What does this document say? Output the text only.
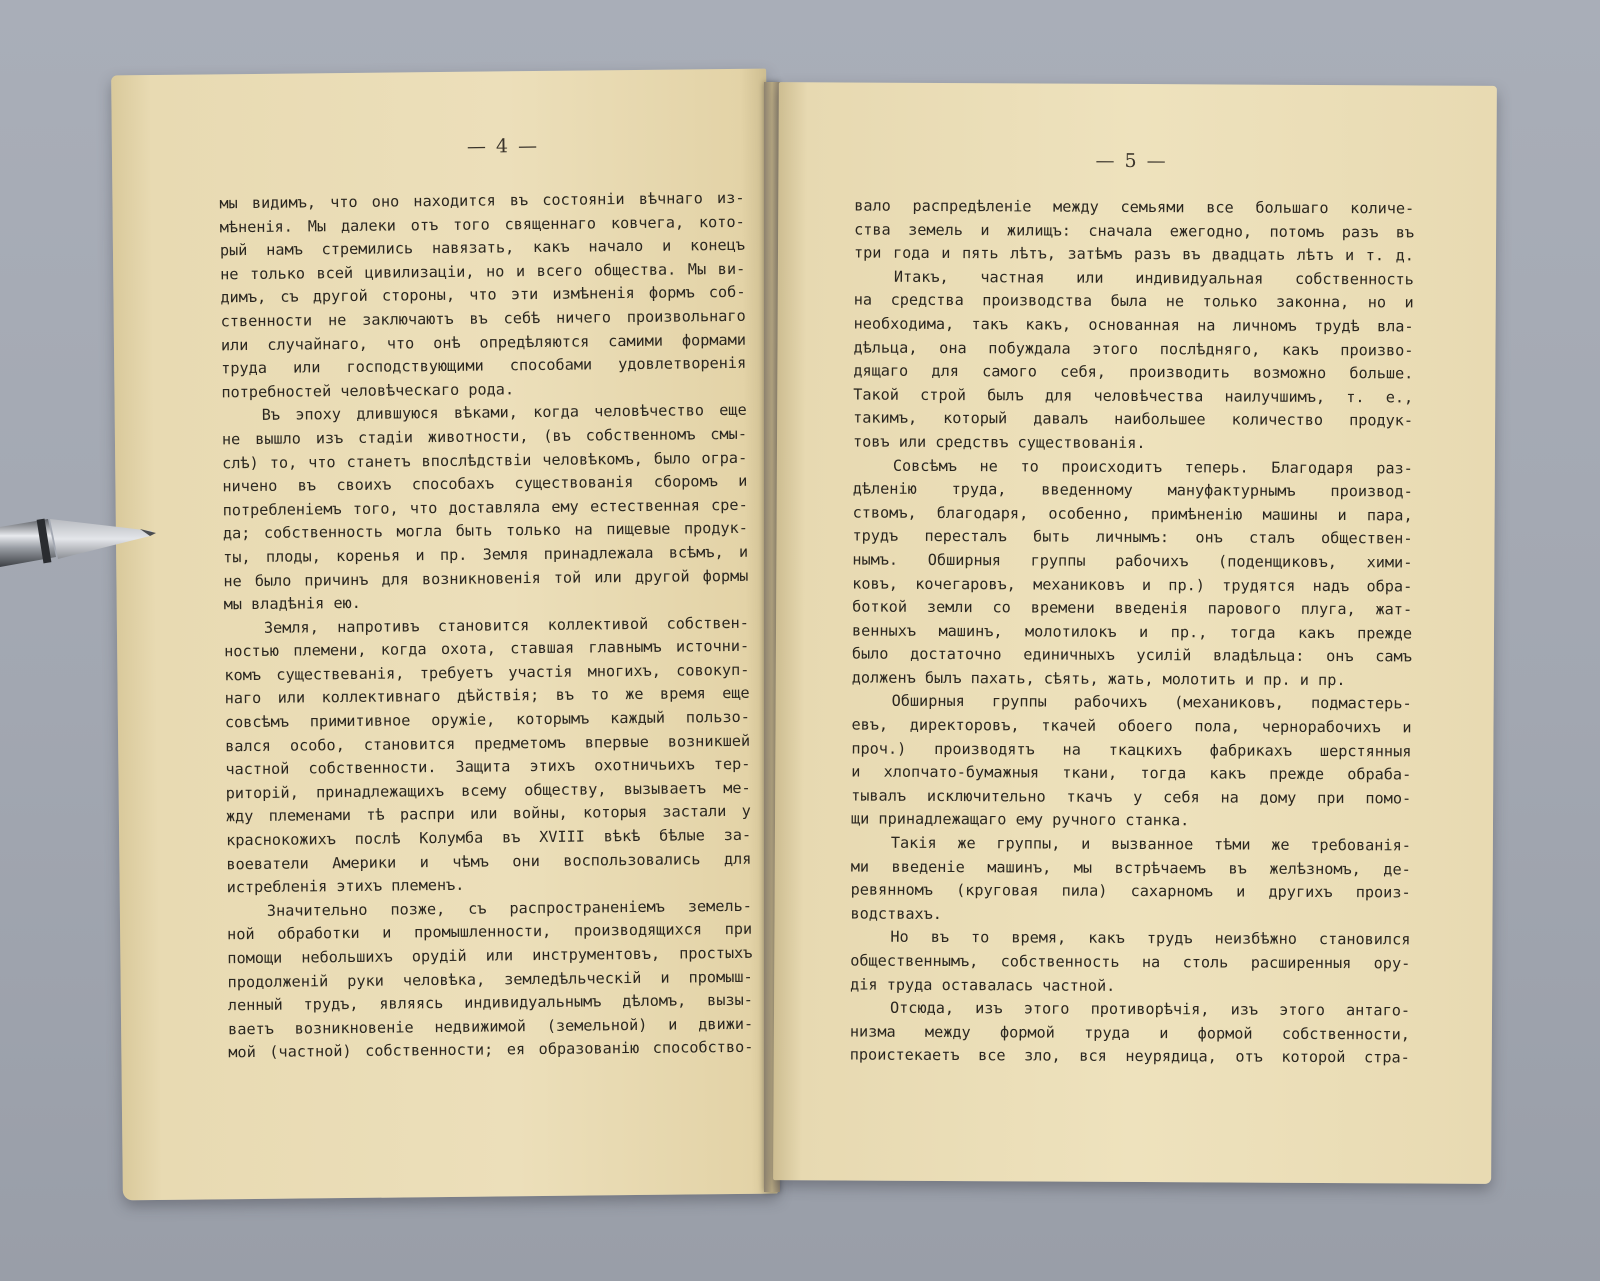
— 4 —
мы видимъ, что оно находится въ состоянiи вѣчнаго из-
мѣненія. Мы далеки отъ того священнаго ковчега, кото-
рый намъ стремились навязать, какъ начало и конецъ
не только всей цивилизацiи, но и всего общества. Мы ви-
димъ, съ другой стороны, что эти измѣненія формъ соб-
ственности не заключаютъ въ себѣ ничего произвольнаго
или случайнаго, что онѣ опредѣляются самими формами
труда или господствующими способами удовлетворенія
потребностей человѣческаго рода.
Въ эпоху длившуюся вѣками, когда человѣчество еще
не вышло изъ стадiи животности, (въ собственномъ смы-
слѣ) то, что станетъ впослѣдствiи человѣкомъ, было огра-
ничено въ своихъ способахъ существованія сборомъ и
потребленіемъ того, что доставляла ему естественная сре-
да; собственность могла быть только на пищевые продук-
ты, плоды, коренья и пр. Земля принадлежала всѣмъ, и
не было причинъ для возникновенія той или другой формы
мы владѣнія ею.
Земля, напротивъ становится коллективой собствен-
ностью племени, когда охота, ставшая главнымъ источни-
комъ существеванія, требуетъ участія многихъ, совокуп-
наго или коллективнаго дѣйствія; въ то же время еще
совсѣмъ примитивное оружіе, которымъ каждый пользо-
вался особо, становится предметомъ впервые возникшей
частной собственности. Защита этихъ охотничьихъ тер-
риторій, принадлежащихъ всему обществу, вызываетъ ме-
жду племенами тѣ распри или войны, которыя застали у
краснокожихъ послѣ Колумба въ XVIII вѣкѣ бѣлые за-
воеватели Америки и чѣмъ они воспользовались для
истребленія этихъ племенъ.
Значительно позже, съ распространеніемъ земель-
ной обработки и промышленности, производящихся при
помощи небольшихъ орудiй или инструментовъ, простыхъ
продолженій руки человѣка, земледѣльческій и промыш-
ленный трудъ, являясь индивидуальнымъ дѣломъ, вызы-
ваетъ возникновеніе недвижимой (земельной) и движи-
мой (частной) собственности; ея образованію способство-
— 5 —
вало распредѣленіе между семьями все большаго количе-
ства земель и жилищъ: сначала ежегодно, потомъ разъ въ
три года и пять лѣтъ, затѣмъ разъ въ двадцать лѣтъ и т. д.
Итакъ, частная или индивидуальная собственность
на средства производства была не только законна, но и
необходима, такъ какъ, основанная на личномъ трудѣ вла-
дѣльца, она побуждала этого послѣдняго, какъ произво-
дящаго для самого себя, производить возможно больше.
Такой строй былъ для человѣчества наилучшимъ, т. е.,
такимъ, который давалъ наибольшее количество продук-
товъ или средствъ существованія.
Совсѣмъ не то происходитъ теперь. Благодаря раз-
дѣленію труда, введенному мануфактурнымъ производ-
ствомъ, благодаря, особенно, примѣненію машины и пара,
трудъ пересталъ быть личнымъ: онъ сталъ обществен-
нымъ. Обширныя группы рабочихъ (поденщиковъ, хими-
ковъ, кочегаровъ, механиковъ и пр.) трудятся надъ обра-
боткой земли со времени введенія парового плуга, жат-
венныхъ машинъ, молотилокъ и пр., тогда какъ прежде
было достаточно единичныхъ усилій владѣльца: онъ самъ
долженъ былъ пахать, сѣять, жать, молотить и пр. и пр.
Обширныя группы рабочихъ (механиковъ, подмастерь-
евъ, директоровъ, ткачей обоего пола, чернорабочихъ и
проч.) производятъ на ткацкихъ фабрикахъ шерстянныя
и хлопчато-бумажныя ткани, тогда какъ прежде обраба-
тывалъ исключительно ткачъ у себя на дому при помо-
щи принадлежащаго ему ручного станка.
Такія же группы, и вызванное тѣми же требованія-
ми введеніе машинъ, мы встрѣчаемъ въ желѣзномъ, де-
ревянномъ (круговая пила) сахарномъ и другихъ произ-
водствахъ.
Но въ то время, какъ трудъ неизбѣжно становился
общественнымъ, собственность на столь расширенныя ору-
дія труда оставалась частной.
Отсюда, изъ этого противорѣчія, изъ этого антаго-
низма между формой труда и формой собственности,
проистекаетъ все зло, вся неурядица, отъ которой стра-
